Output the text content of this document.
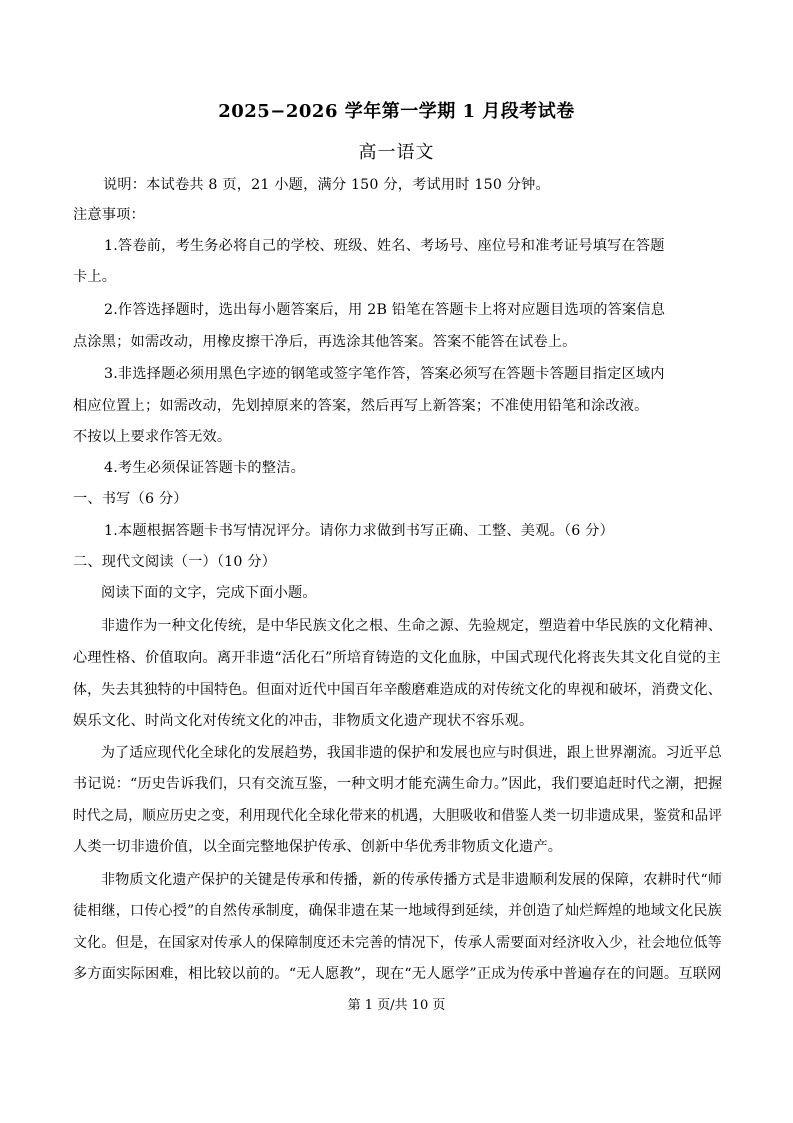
2025−2026 学年第一学期 1 月段考试卷
高一语文
说明：本试卷共 8 页，21 小题，满分 150 分，考试用时 150 分钟。
注意事项：
1.答卷前，考生务必将自己的学校、班级、姓名、考场号、座位号和准考证号填写在答题
卡上。
2.作答选择题时，选出每小题答案后，用 2B 铅笔在答题卡上将对应题目选项的答案信息
点涂黑；如需改动，用橡皮擦干净后，再选涂其他答案。答案不能答在试卷上。
3.非选择题必须用黑色字迹的钢笔或签字笔作答，答案必须写在答题卡答题目指定区域内
相应位置上；如需改动，先划掉原来的答案，然后再写上新答案；不准使用铅笔和涂改液。
不按以上要求作答无效。
4.考生必须保证答题卡的整洁。
一、书写（6 分）
1.本题根据答题卡书写情况评分。请你力求做到书写正确、工整、美观。（6 分）
二、现代文阅读（一）（10 分）
阅读下面的文字，完成下面小题。
非遗作为一种文化传统，是中华民族文化之根、生命之源、先验规定，塑造着中华民族的文化精神、
心理性格、价值取向。离开非遗“活化石”所培育铸造的文化血脉，中国式现代化将丧失其文化自觉的主
体，失去其独特的中国特色。但面对近代中国百年辛酸磨难造成的对传统文化的卑视和破坏，消费文化、
娱乐文化、时尚文化对传统文化的冲击，非物质文化遗产现状不容乐观。
为了适应现代化全球化的发展趋势，我国非遗的保护和发展也应与时俱进，跟上世界潮流。习近平总
书记说：“历史告诉我们，只有交流互鉴，一种文明才能充满生命力。”因此，我们要追赶时代之潮，把握
时代之局，顺应历史之变，利用现代化全球化带来的机遇，大胆吸收和借鉴人类一切非遗成果，鉴赏和品评
人类一切非遗价值，以全面完整地保护传承、创新中华优秀非物质文化遗产。
非物质文化遗产保护的关键是传承和传播，新的传承传播方式是非遗顺利发展的保障，农耕时代“师
徒相继，口传心授”的自然传承制度，确保非遗在某一地域得到延续，并创造了灿烂辉煌的地域文化民族
文化。但是，在国家对传承人的保障制度还未完善的情况下，传承人需要面对经济收入少，社会地位低等
多方面实际困难，相比较以前的。“无人愿教”，现在“无人愿学”正成为传承中普遍存在的问题。互联网
第 1 页/共 10 页
